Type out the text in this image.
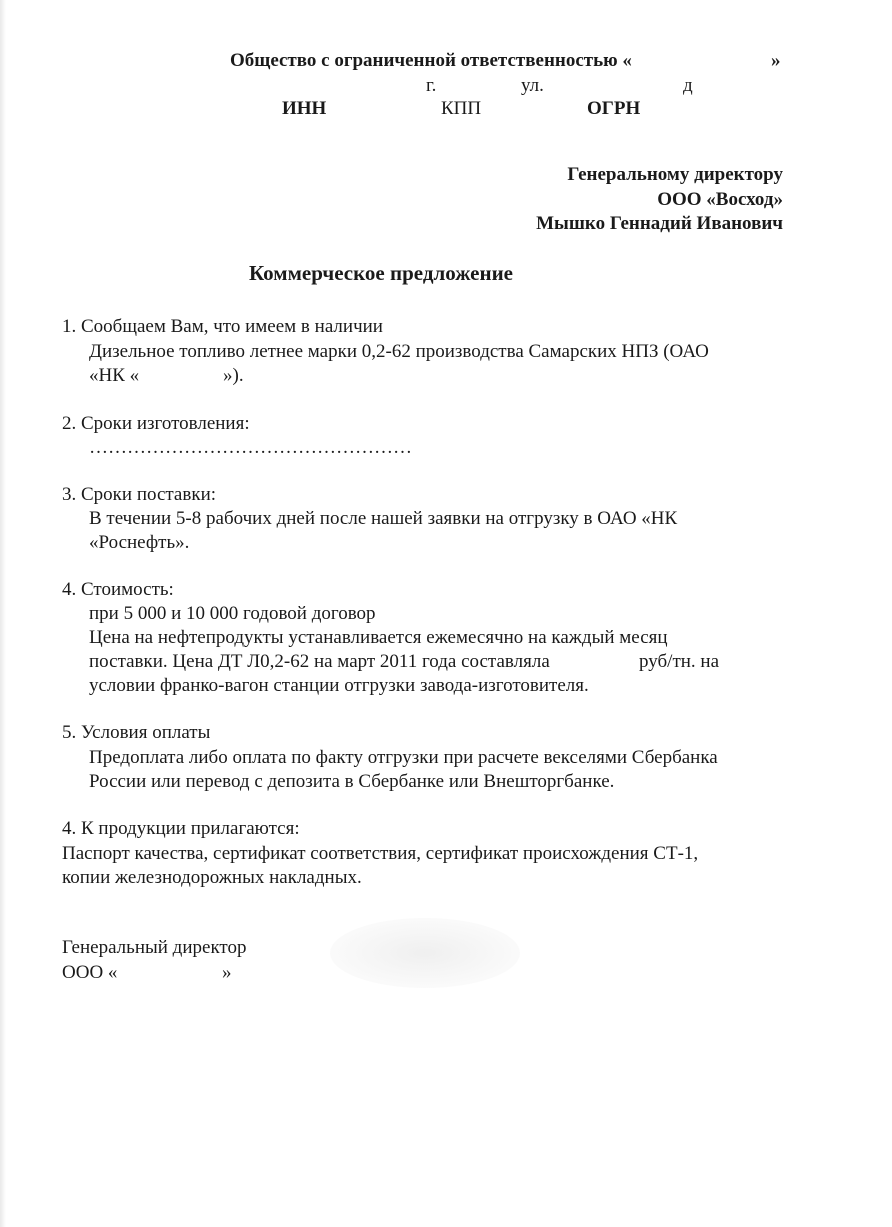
Общество с ограниченной ответственностью «	»
г.	ул.	д
ИНН	КПП	ОГРН
Генеральному директору
ООО «Восход»
Мышко Геннадий Иванович
Коммерческое предложение
1. Сообщаем Вам, что имеем в наличии
Дизельное топливо летнее марки 0,2-62 производства Самарских НПЗ (ОАО
«НК «	»).
2. Сроки изготовления:
……………………………………………
3. Сроки поставки:
В течении 5-8 рабочих дней после нашей заявки на отгрузку в ОАО «НК
«Роснефть».
4. Стоимость:
при 5 000 и 10 000 годовой договор
Цена на нефтепродукты устанавливается ежемесячно на каждый месяц
поставки. Цена ДТ Л0,2-62 на март 2011 года составляла	руб/тн. на
условии франко-вагон станции отгрузки завода-изготовителя.
5. Условия оплаты
Предоплата либо оплата по факту отгрузки при расчете векселями Сбербанка
России или перевод с депозита в Сбербанке или Внешторгбанке.
4. К продукции прилагаются:
Паспорт качества, сертификат соответствия, сертификат происхождения СТ-1,
копии железнодорожных накладных.
Генеральный директор
ООО «	»
